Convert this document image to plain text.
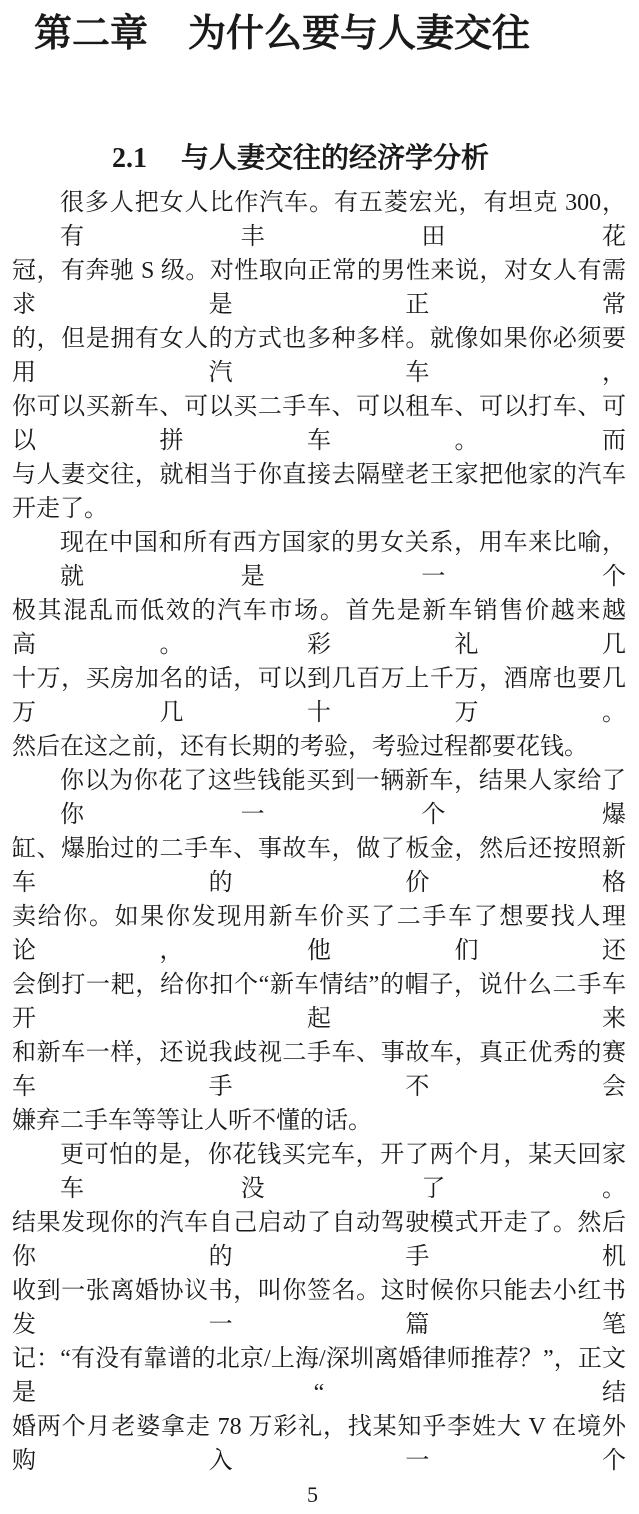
第二章 为什么要与人妻交往
2.1 与人妻交往的经济学分析
很多人把女人比作汽车。有五菱宏光，有坦克 300，有丰田花
冠，有奔驰 S 级。对性取向正常的男性来说，对女人有需求是正常
的，但是拥有女人的方式也多种多样。就像如果你必须要用汽车，
你可以买新车、可以买二手车、可以租车、可以打车、可以拼车。而
与人妻交往，就相当于你直接去隔壁老王家把他家的汽车开走了。
现在中国和所有西方国家的男女关系，用车来比喻，就是一个
极其混乱而低效的汽车市场。首先是新车销售价越来越高。彩礼几
十万，买房加名的话，可以到几百万上千万，酒席也要几万几十万。
然后在这之前，还有长期的考验，考验过程都要花钱。
你以为你花了这些钱能买到一辆新车，结果人家给了你一个爆
缸、爆胎过的二手车、事故车，做了板金，然后还按照新车的价格
卖给你。如果你发现用新车价买了二手车了想要找人理论，他们还
会倒打一耙，给你扣个“新车情结”的帽子，说什么二手车开起来
和新车一样，还说我歧视二手车、事故车，真正优秀的赛车手不会
嫌弃二手车等等让人听不懂的话。
更可怕的是，你花钱买完车，开了两个月，某天回家车没了。
结果发现你的汽车自己启动了自动驾驶模式开走了。然后你的手机
收到一张离婚协议书，叫你签名。这时候你只能去小红书发一篇笔
记：“有没有靠谱的北京/上海/深圳离婚律师推荐？”，正文是“结
婚两个月老婆拿走 78 万彩礼，找某知乎李姓大 V 在境外购入一个
5
